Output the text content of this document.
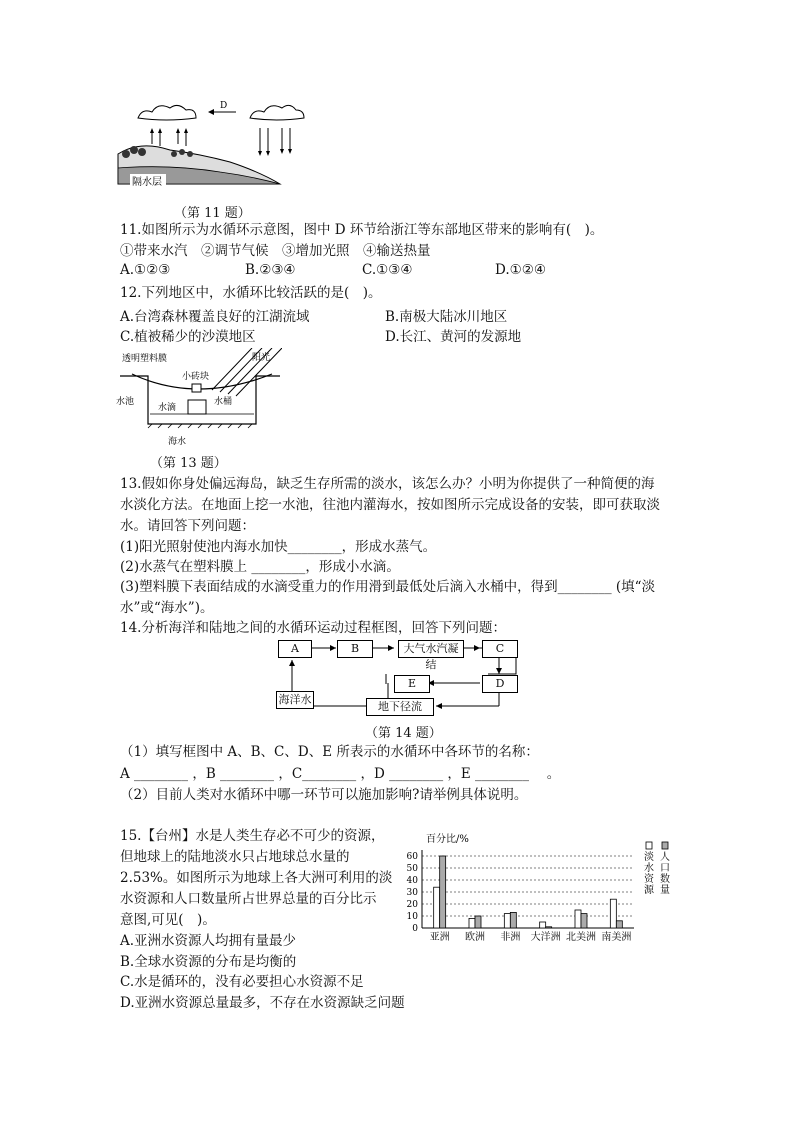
D
隔水层
（第 11 题）
11.如图所示为水循环示意图，图中 D 环节给浙江等东部地区带来的影响有(　)。
①带来水汽　②调节气候　③增加光照　④输送热量
A.①②③	B.②③④	C.①③④	D.①②④
12.下列地区中，水循环比较活跃的是(　)。
A.台湾森林覆盖良好的江湖流域	B.南极大陆冰川地区
C.植被稀少的沙漠地区	D.长江、黄河的发源地
透明塑料膜	阳光
小砖块
水池
水滴
水桶
海水
（第 13 题）
13.假如你身处偏远海岛，缺乏生存所需的淡水，该怎么办？小明为你提供了一种简便的海
水淡化方法。在地面上挖一水池，往池内灌海水，按如图所示完成设备的安装，即可获取淡
水。请回答下列问题：
(1)阳光照射使池内海水加快________，形成水蒸气。
(2)水蒸气在塑料膜上 ________，形成小水滴。
(3)塑料膜下表面结成的水滴受重力的作用滑到最低处后滴入水桶中，得到________ (填“淡
水”或“海水”)。
14.分析海洋和陆地之间的水循环运动过程框图，回答下列问题：
A	B	大气水汽凝结
C
E	D
海洋水
地下径流
（第 14 题）
（1）填写框图中 A、B、C、D、E 所表示的水循环中各环节的名称：
A ________ ，B ________ ，C________ ，D ________ ，E ________　 。
（2）目前人类对水循环中哪一环节可以施加影响?请举例具体说明。
15.【台州】水是人类生存必不可少的资源，
但地球上的陆地淡水只占地球总水量的
2.53%。如图所示为地球上各大洲可利用的淡
水资源和人口数量所占世界总量的百分比示
意图,可见(　)。
A.亚洲水资源人均拥有量最少
B.全球水资源的分布是均衡的
C.水是循环的，没有必要担心水资源不足
D.亚洲水资源总量最多，不存在水资源缺乏问题
百分比/%
0
10
20
30
40
50
60
亚洲 欧洲 非洲 大洋洲 北美洲 南美洲
淡
水
资
源
人
口
数
量
